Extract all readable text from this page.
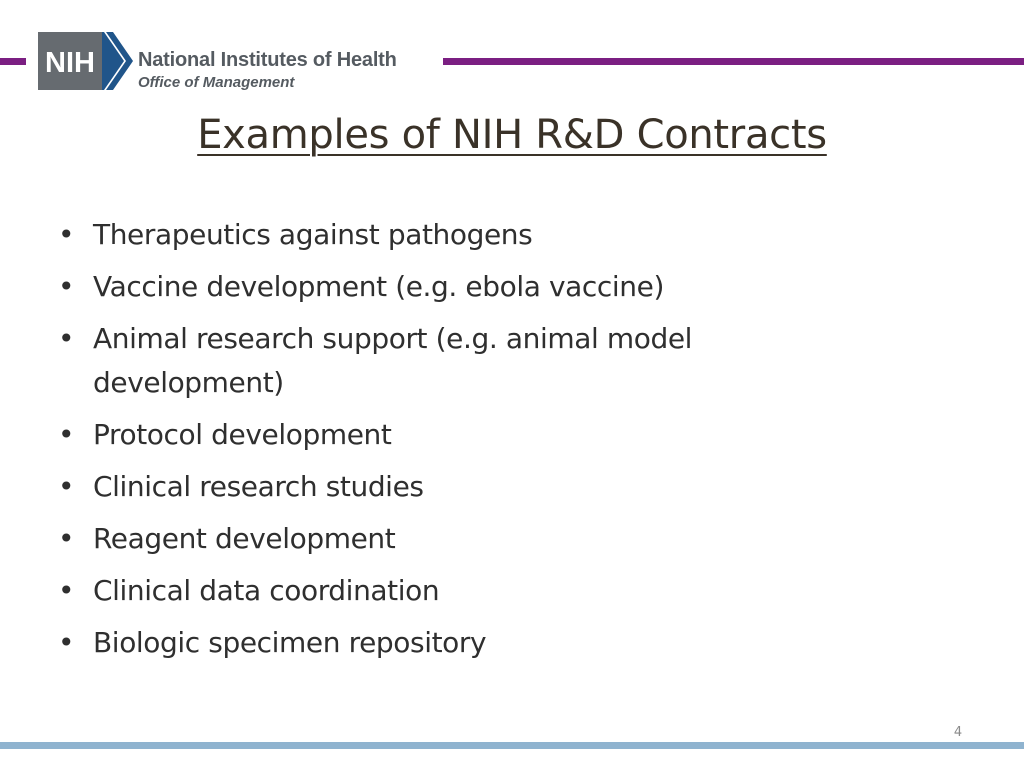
NIH National Institutes of Health
Office of Management
Examples of NIH R&D Contracts
• Therapeutics against pathogens
• Vaccine development (e.g. ebola vaccine)
• Animal research support (e.g. animal model development)
• Protocol development
• Clinical research studies
• Reagent development
• Clinical data coordination
• Biologic specimen repository
4
